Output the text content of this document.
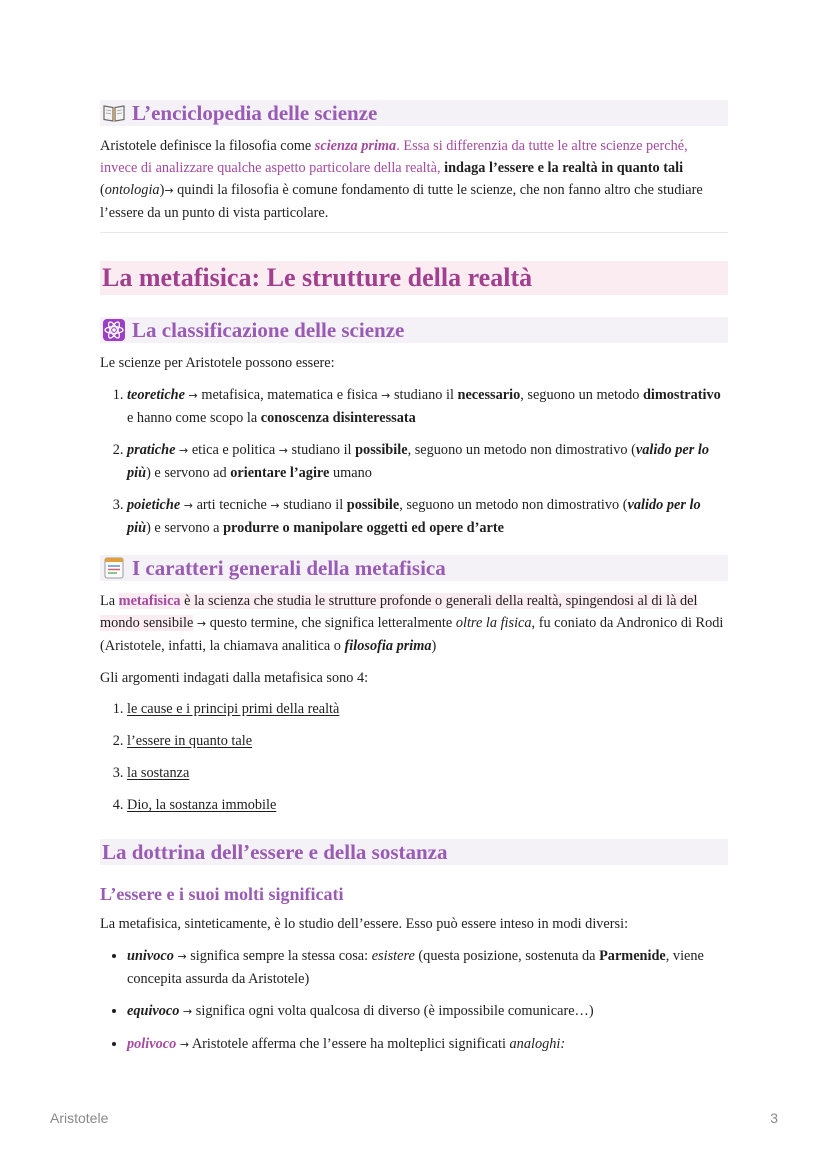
L’enciclopedia delle scienze

Aristotele definisce la filosofia come scienza prima. Essa si differenzia da tutte le altre scienze perché, invece di analizzare qualche aspetto particolare della realtà, indaga l’essere e la realtà in quanto tali (ontologia)→ quindi la filosofia è comune fondamento di tutte le scienze, che non fanno altro che studiare l’essere da un punto di vista particolare.

La metafisica: Le strutture della realtà
La classificazione delle scienze

Le scienze per Aristotele possono essere:

1. teoretiche → metafisica, matematica e fisica → studiano il necessario, seguono un metodo dimostrativo e hanno come scopo la conoscenza disinteressata
2. pratiche → etica e politica → studiano il possibile, seguono un metodo non dimostrativo (valido per lo più) e servono ad orientare l’agire umano
3. poietiche → arti tecniche → studiano il possibile, seguono un metodo non dimostrativo (valido per lo più) e servono a produrre o manipolare oggetti ed opere d’arte
I caratteri generali della metafisica

La metafisica è la scienza che studia le strutture profonde o generali della realtà, spingendosi al di là del mondo sensibile → questo termine, che significa letteralmente oltre la fisica, fu coniato da Andronico di Rodi (Aristotele, infatti, la chiamava analitica o filosofia prima)

Gli argomenti indagati dalla metafisica sono 4:

1. le cause e i principi primi della realtà
2. l’essere in quanto tale
3. la sostanza
4. Dio, la sostanza immobile
La dottrina dell’essere e della sostanza
L’essere e i suoi molti significati

La metafisica, sinteticamente, è lo studio dell’essere. Esso può essere inteso in modi diversi:

• univoco → significa sempre la stessa cosa: esistere (questa posizione, sostenuta da Parmenide, viene concepita assurda da Aristotele)
• equivoco → significa ogni volta qualcosa di diverso (è impossibile comunicare…)
• polivoco → Aristotele afferma che l’essere ha molteplici significati analoghi:
Aristotele	3
